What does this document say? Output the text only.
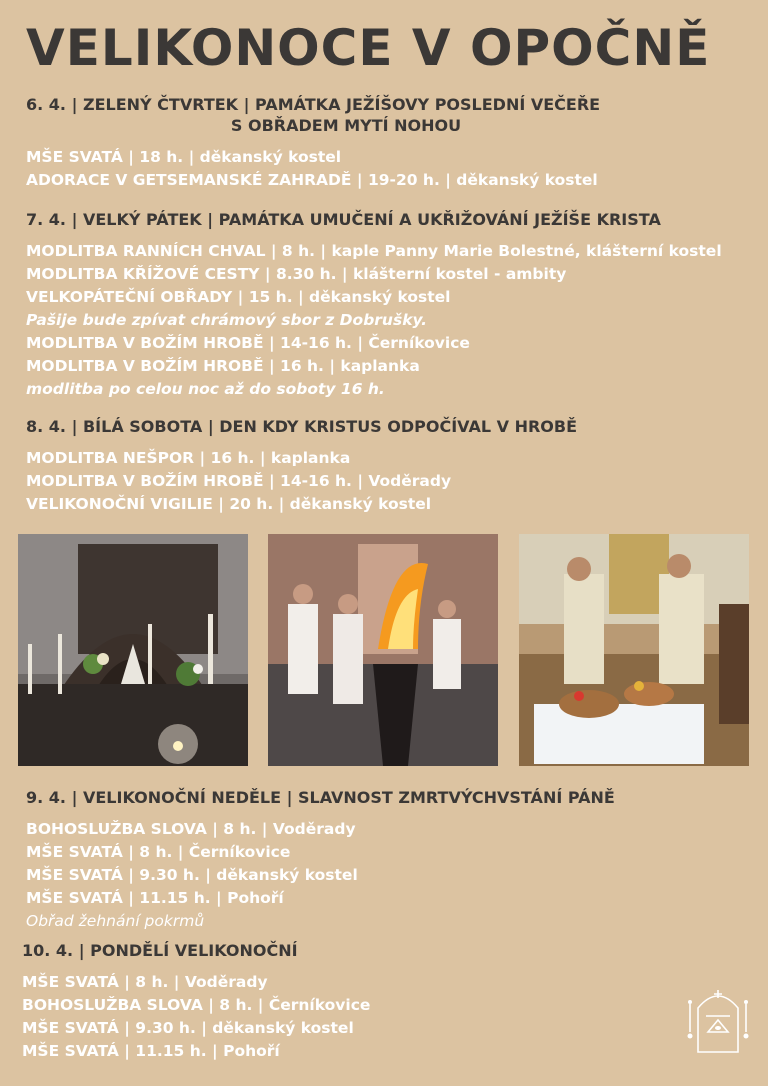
VELIKONOCE V OPOČNĚ
6. 4. | ZELENÝ ČTVRTEK | PAMÁTKA JEŽÍŠOVY POSLEDNÍ VEČEŘE
S OBŘADEM MYTÍ NOHOU
MŠE SVATÁ | 18 h. | děkanský kostel
ADORACE V GETSEMANSKÉ ZAHRADĚ | 19-20 h. | děkanský kostel
7. 4. | VELKÝ PÁTEK | PAMÁTKA UMUČENÍ A UKŘIŽOVÁNÍ JEŽÍŠE KRISTA
MODLITBA RANNÍCH CHVAL | 8 h. | kaple Panny Marie Bolestné, klášterní kostel
MODLITBA KŘÍŽOVÉ CESTY | 8.30 h. | klášterní kostel - ambity
VELKOPÁTEČNÍ OBŘADY | 15 h. | děkanský kostel
Pašije bude zpívat chrámový sbor z Dobrušky.
MODLITBA V BOŽÍM HROBĚ | 14-16 h. | Černíkovice
MODLITBA V BOŽÍM HROBĚ | 16 h. | kaplanka
modlitba po celou noc až do soboty 16 h.
8. 4. | BÍLÁ SOBOTA | DEN KDY KRISTUS ODPOČÍVAL V HROBĚ
MODLITBA NEŠPOR | 16 h. | kaplanka
MODLITBA V BOŽÍM HROBĚ | 14-16 h. | Voděrady
VELIKONOČNÍ VIGILIE | 20 h. | děkanský kostel
9. 4. | VELIKONOČNÍ NEDĚLE | SLAVNOST ZMRTVÝCHVSTÁNÍ PÁNĚ
BOHOSLUŽBA SLOVA | 8 h. | Voděrady
MŠE SVATÁ | 8 h. | Černíkovice
MŠE SVATÁ | 9.30 h. | děkanský kostel
MŠE SVATÁ | 11.15 h. | Pohoří
Obřad žehnání pokrmů
10. 4. | PONDĚLÍ VELIKONOČNÍ
MŠE SVATÁ | 8 h. | Voděrady
BOHOSLUŽBA SLOVA | 8 h. | Černíkovice
MŠE SVATÁ | 9.30 h. | děkanský kostel
MŠE SVATÁ | 11.15 h. | Pohoří
